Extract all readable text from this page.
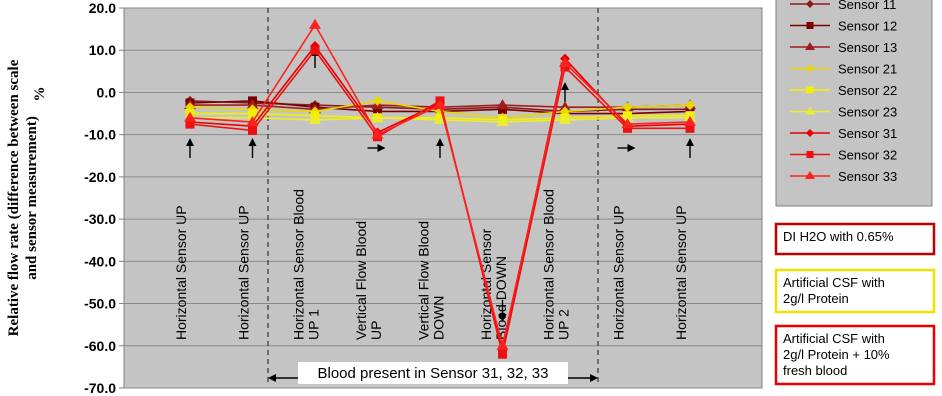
20.0
10.0
0.0
-10.0
-20.0
-30.0
-40.0
-50.0
-60.0
-70.0
Relative flow rate (difference between scale and sensor measurement)
%
Horizontal Sensor UP	Horizontal Sensor UP	Horizontal Sensor Blood UP 1 Vertical Flow Blood UP Vertical Flow Blood DOWN Horizontal Sensor Blood DOWN Horizontal Sensor Blood UP 2	Horizontal Sensor UP	Horizontal Sensor UP
Blood present in Sensor 31, 32, 33
Sensor 11
Sensor 12
Sensor 13
Sensor 21
Sensor 22
Sensor 23
Sensor 31
Sensor 32
Sensor 33
DI H2O with 0.65%
Artificial CSF with
2g/l Protein
Artificial CSF with
2g/l Protein + 10%
fresh blood
